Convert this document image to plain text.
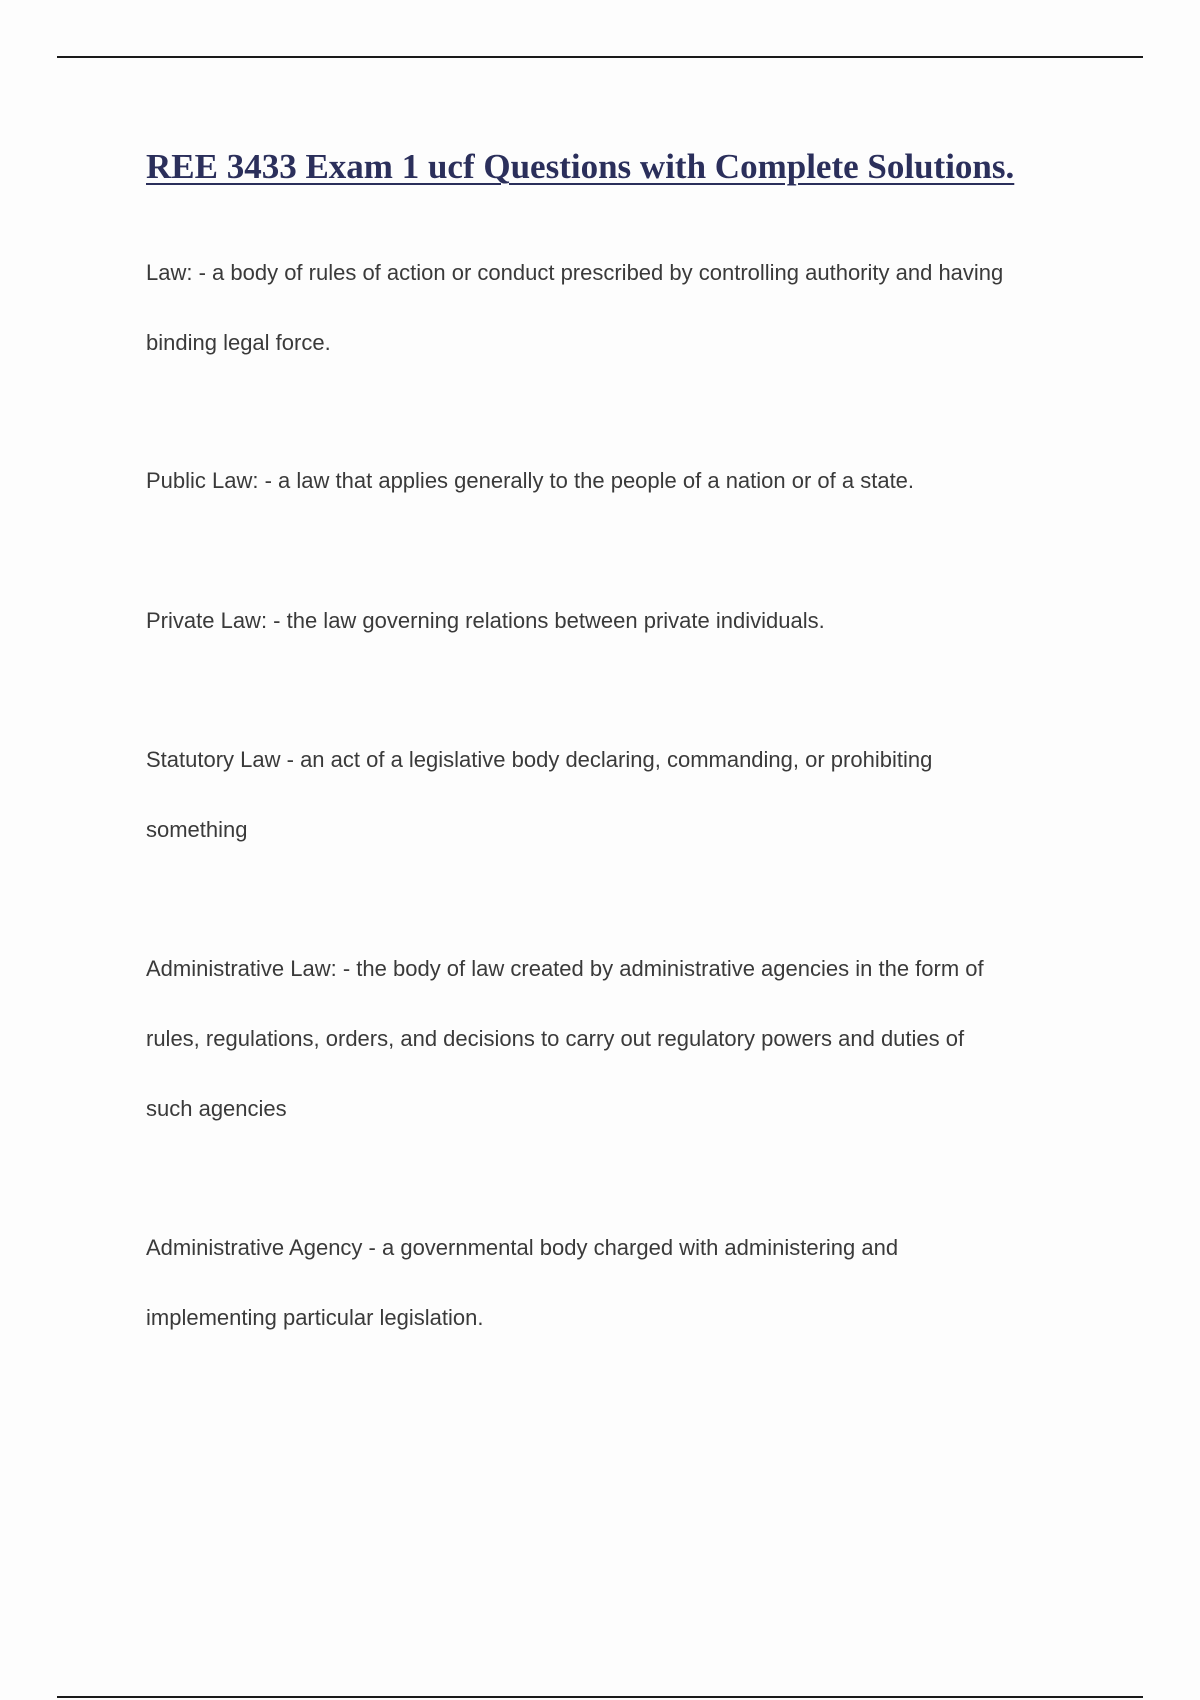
REE 3433 Exam 1 ucf Questions with Complete Solutions.
Law: - a body of rules of action or conduct prescribed by controlling authority and having
binding legal force.
Public Law: - a law that applies generally to the people of a nation or of a state.
Private Law: - the law governing relations between private individuals.
Statutory Law - an act of a legislative body declaring, commanding, or prohibiting
something
Administrative Law: - the body of law created by administrative agencies in the form of
rules, regulations, orders, and decisions to carry out regulatory powers and duties of
such agencies
Administrative Agency - a governmental body charged with administering and
implementing particular legislation.
